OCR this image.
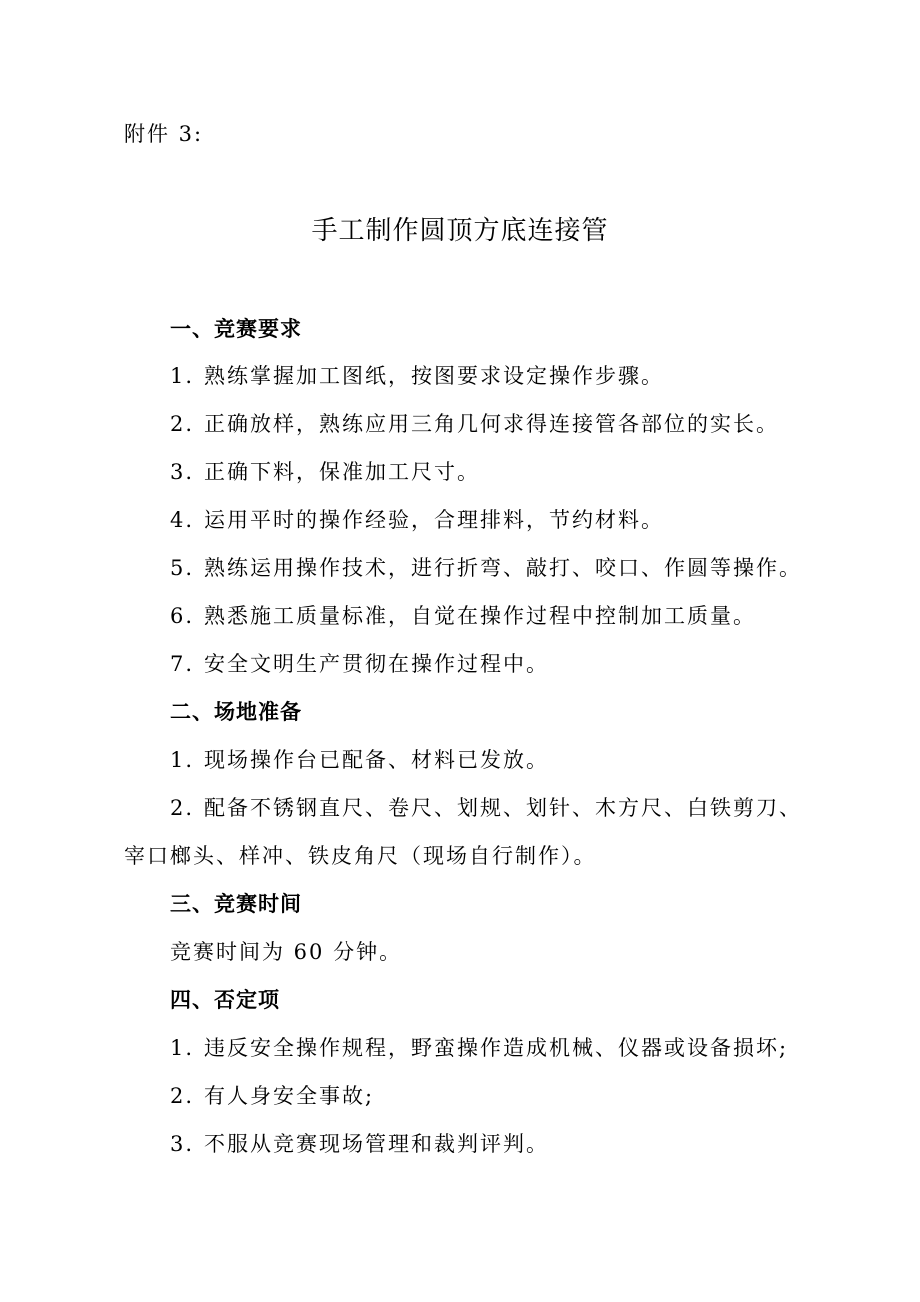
附件 3:
手工制作圆顶方底连接管
一、竞赛要求
1. 熟练掌握加工图纸，按图要求设定操作步骤。
2. 正确放样，熟练应用三角几何求得连接管各部位的实长。
3. 正确下料，保准加工尺寸。
4. 运用平时的操作经验，合理排料，节约材料。
5. 熟练运用操作技术，进行折弯、敲打、咬口、作圆等操作。
6. 熟悉施工质量标准，自觉在操作过程中控制加工质量。
7. 安全文明生产贯彻在操作过程中。
二、场地准备
1. 现场操作台已配备、材料已发放。
2. 配备不锈钢直尺、卷尺、划规、划针、木方尺、白铁剪刀、
宰口榔头、样冲、铁皮角尺（现场自行制作）。
三、竞赛时间
竞赛时间为 60 分钟。
四、否定项
1. 违反安全操作规程，野蛮操作造成机械、仪器或设备损坏;
2. 有人身安全事故;
3. 不服从竞赛现场管理和裁判评判。
